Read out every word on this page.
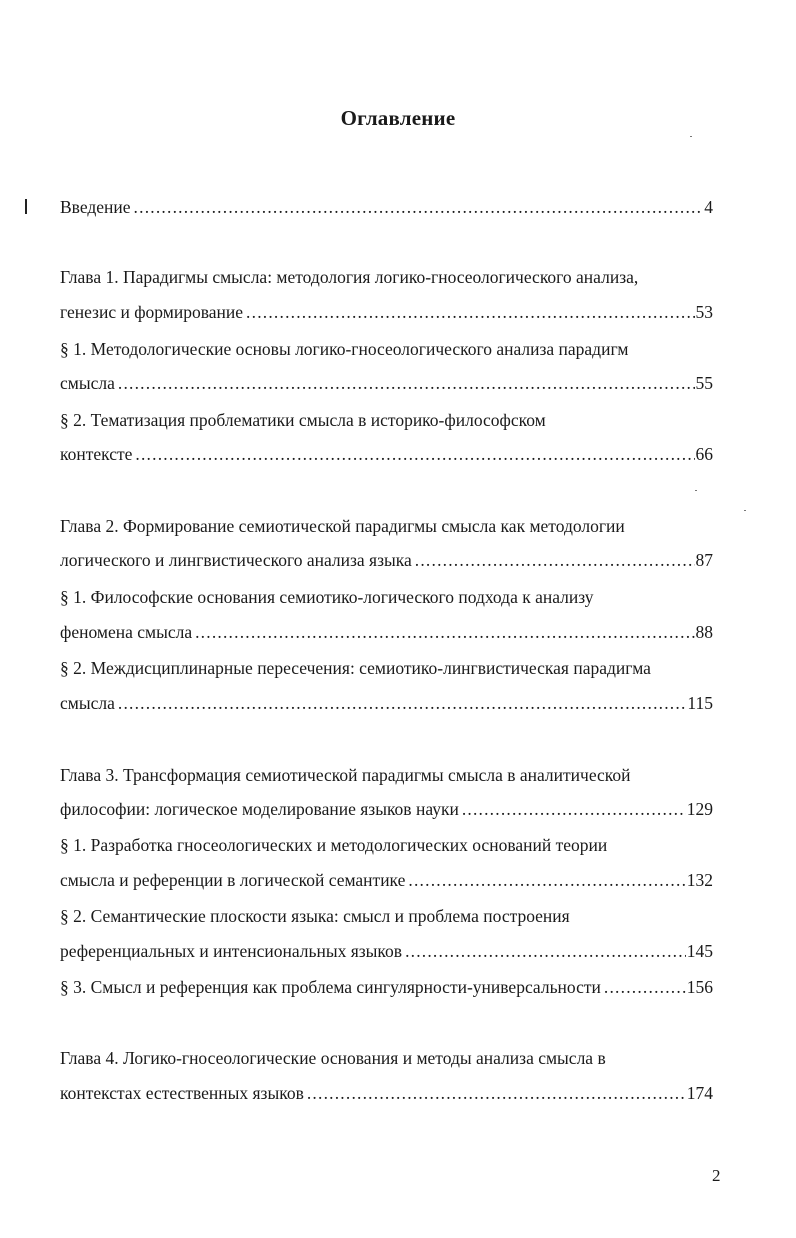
Оглавление
Введение .....	4
Глава 1. Парадигмы смысла: методология логико-гносеологического анализа,
генезис и формирование .....	53
§ 1. Методологические основы логико-гносеологического анализа парадигм
смысла .....	55
§ 2. Тематизация проблематики смысла в историко-философском
контексте .....	66
Глава 2. Формирование семиотической парадигмы смысла как методологии
логического и лингвистического анализа языка .....	87
§ 1. Философские основания семиотико-логического подхода к анализу
феномена смысла .....	88
§ 2. Междисциплинарные пересечения: семиотико-лингвистическая парадигма
смысла .....	115
Глава 3. Трансформация семиотической парадигмы смысла в аналитической
философии: логическое моделирование языков науки .....	129
§ 1. Разработка гносеологических и методологических оснований теории
смысла и референции в логической семантике .....	132
§ 2. Семантические плоскости языка: смысл и проблема построения
референциальных и интенсиональных языков .....	145
§ 3. Смысл и референция как проблема сингулярности-универсальности .....	156
Глава 4. Логико-гносеологические основания и методы анализа смысла в
контекстах естественных языков .....	174
2
